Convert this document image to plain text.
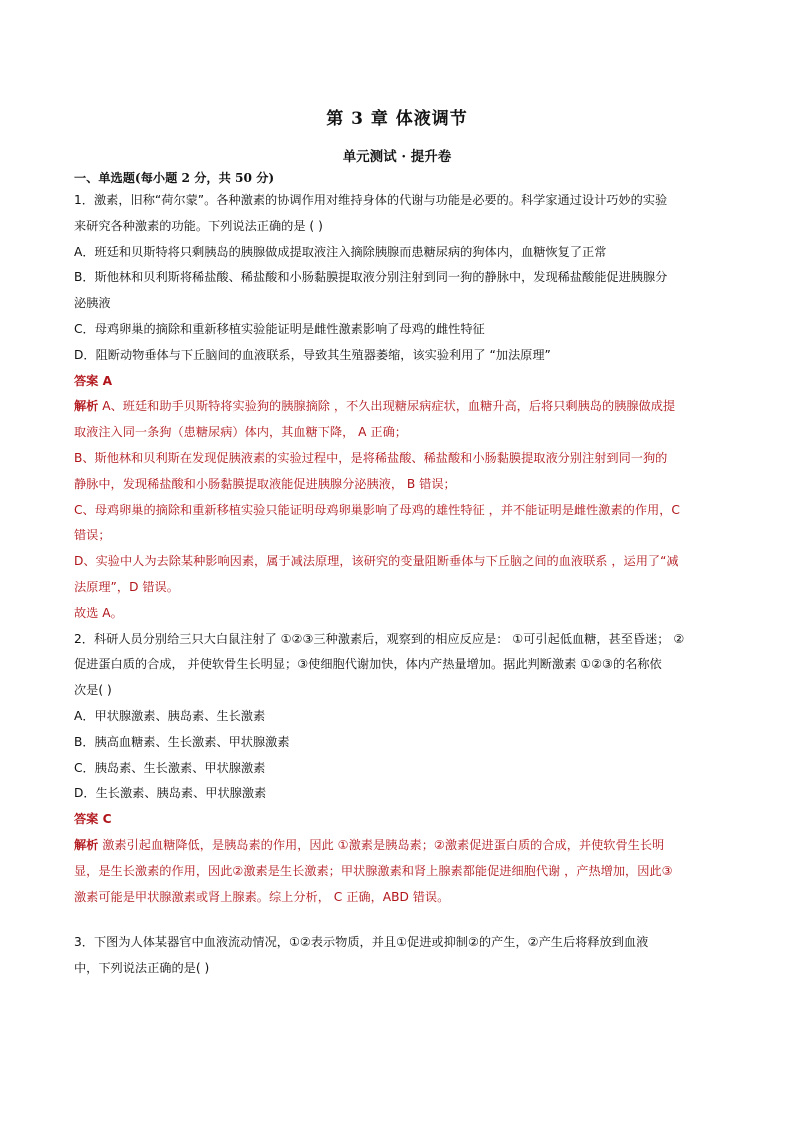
第 3 章 体液调节
单元测试 · 提升卷
一、单选题(每小题 2 分，共 50 分)
1．激素，旧称“荷尔蒙”。各种激素的协调作用对维持身体的代谢与功能是必要的。科学家通过设计巧妙的实验
来研究各种激素的功能。下列说法正确的是 ( )
A．班廷和贝斯特将只剩胰岛的胰腺做成提取液注入摘除胰腺而患糖尿病的狗体内，血糖恢复了正常
B．斯他林和贝利斯将稀盐酸、稀盐酸和小肠黏膜提取液分别注射到同一狗的静脉中，发现稀盐酸能促进胰腺分
泌胰液
C．母鸡卵巢的摘除和重新移植实验能证明是雌性激素影响了母鸡的雌性特征
D．阻断动物垂体与下丘脑间的血液联系，导致其生殖器萎缩，该实验利用了 “加法原理”
答案 A
解析 A、班廷和助手贝斯特将实验狗的胰腺摘除 ，不久出现糖尿病症状，血糖升高，后将只剩胰岛的胰腺做成提
取液注入同一条狗（患糖尿病）体内，其血糖下降， A 正确；
B、斯他林和贝利斯在发现促胰液素的实验过程中，是将稀盐酸、稀盐酸和小肠黏膜提取液分别注射到同一狗的
静脉中，发现稀盐酸和小肠黏膜提取液能促进胰腺分泌胰液， B 错误；
C、母鸡卵巢的摘除和重新移植实验只能证明母鸡卵巢影响了母鸡的雄性特征 ，并不能证明是雌性激素的作用，C
错误；
D、实验中人为去除某种影响因素，属于减法原理，该研究的变量阻断垂体与下丘脑之间的血液联系 ，运用了“减
法原理”，D 错误。
故选 A。
2．科研人员分别给三只大白鼠注射了 ①②③三种激素后，观察到的相应反应是： ①可引起低血糖，甚至昏迷； ②
促进蛋白质的合成， 并使软骨生长明显；③使细胞代谢加快，体内产热量增加。据此判断激素 ①②③的名称依
次是( )
A．甲状腺激素、胰岛素、生长激素
B．胰高血糖素、生长激素、甲状腺激素
C．胰岛素、生长激素、甲状腺激素
D．生长激素、胰岛素、甲状腺激素
答案 C
解析 激素引起血糖降低，是胰岛素的作用，因此 ①激素是胰岛素；②激素促进蛋白质的合成，并使软骨生长明
显，是生长激素的作用，因此②激素是生长激素；甲状腺激素和肾上腺素都能促进细胞代谢 ，产热增加，因此③
激素可能是甲状腺激素或肾上腺素。综上分析， C 正确，ABD 错误。
3．下图为人体某器官中血液流动情况，①②表示物质，并且①促进或抑制②的产生，②产生后将释放到血液
中，下列说法正确的是( )
